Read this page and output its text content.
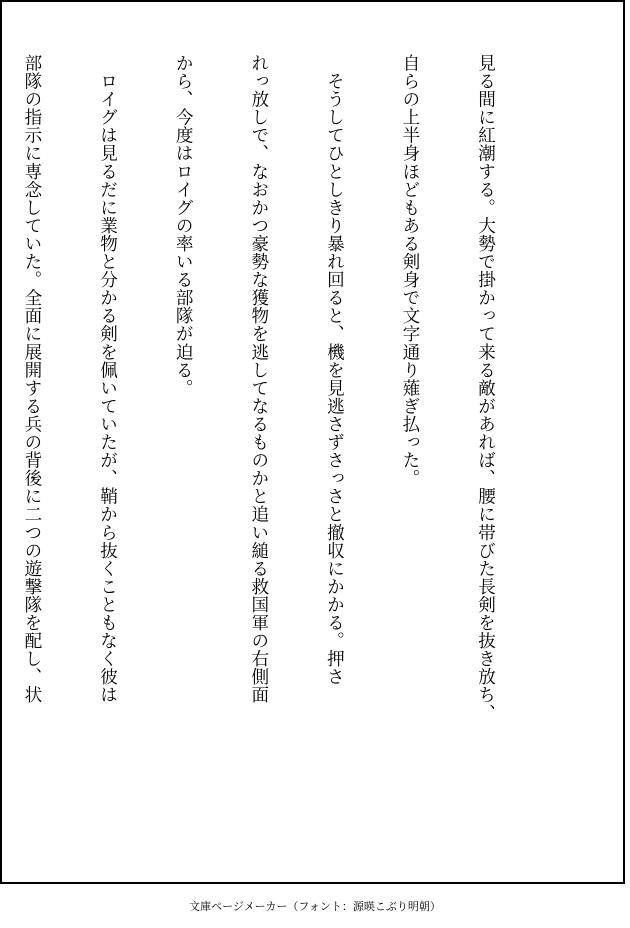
見る間に紅潮する。大勢で掛かって来る敵があれば、腰に帯びた長剣を抜き放ち、

自らの上半身ほどもある剣身で文字通り薙ぎ払った。

　そうしてひとしきり暴れ回ると、機を見逃さずさっさと撤収にかかる。押さ

れっ放しで、なおかつ豪勢な獲物を逃してなるものかと追い縋る救国軍の右側面

から、今度はロイグの率いる部隊が迫る。

　ロイグは見るだに業物と分かる剣を佩いていたが、鞘から抜くこともなく彼は

部隊の指示に専念していた。全面に展開する兵の背後に二つの遊撃隊を配し、状

文庫ページメーカー（フォント：源暎こぶり明朝）
